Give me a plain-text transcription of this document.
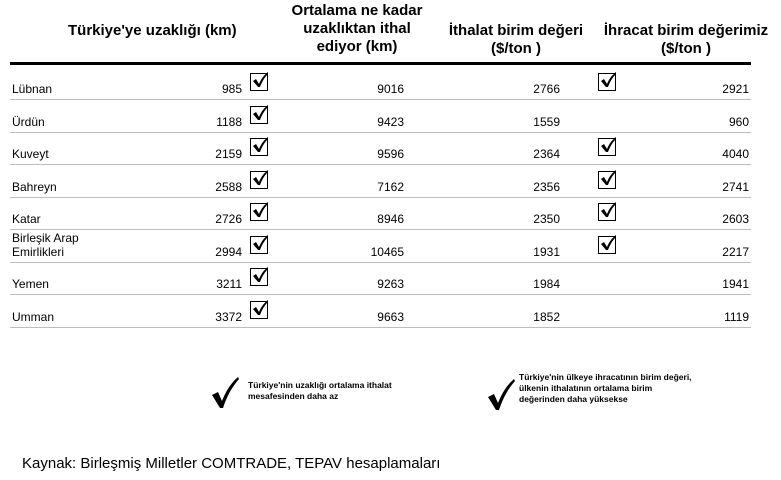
Türkiye'ye uzaklığı (km)
Ortalama ne kadar
uzaklıktan ithal
ediyor (km)
İthalat birim değeri
($/ton )
İhracat birim değerimiz
($/ton )
Lübnan	985	9016	2766	2921
Ürdün	1188	9423	1559	960
Kuveyt	2159	9596	2364	4040
Bahreyn	2588	7162	2356	2741
Katar	2726	8946	2350	2603
Birleşik Arap
Emirlikleri	2994	10465	1931	2217
Yemen	3211	9263	1984	1941
Umman	3372	9663	1852	1119
Türkiye'nin uzaklığı ortalama ithalat
mesafesinden daha az
Türkiye'nin ülkeye ihracatının birim değeri,
ülkenin ithalatının ortalama birim
değerinden daha yüksekse
Kaynak: Birleşmiş Milletler COMTRADE, TEPAV hesaplamaları
